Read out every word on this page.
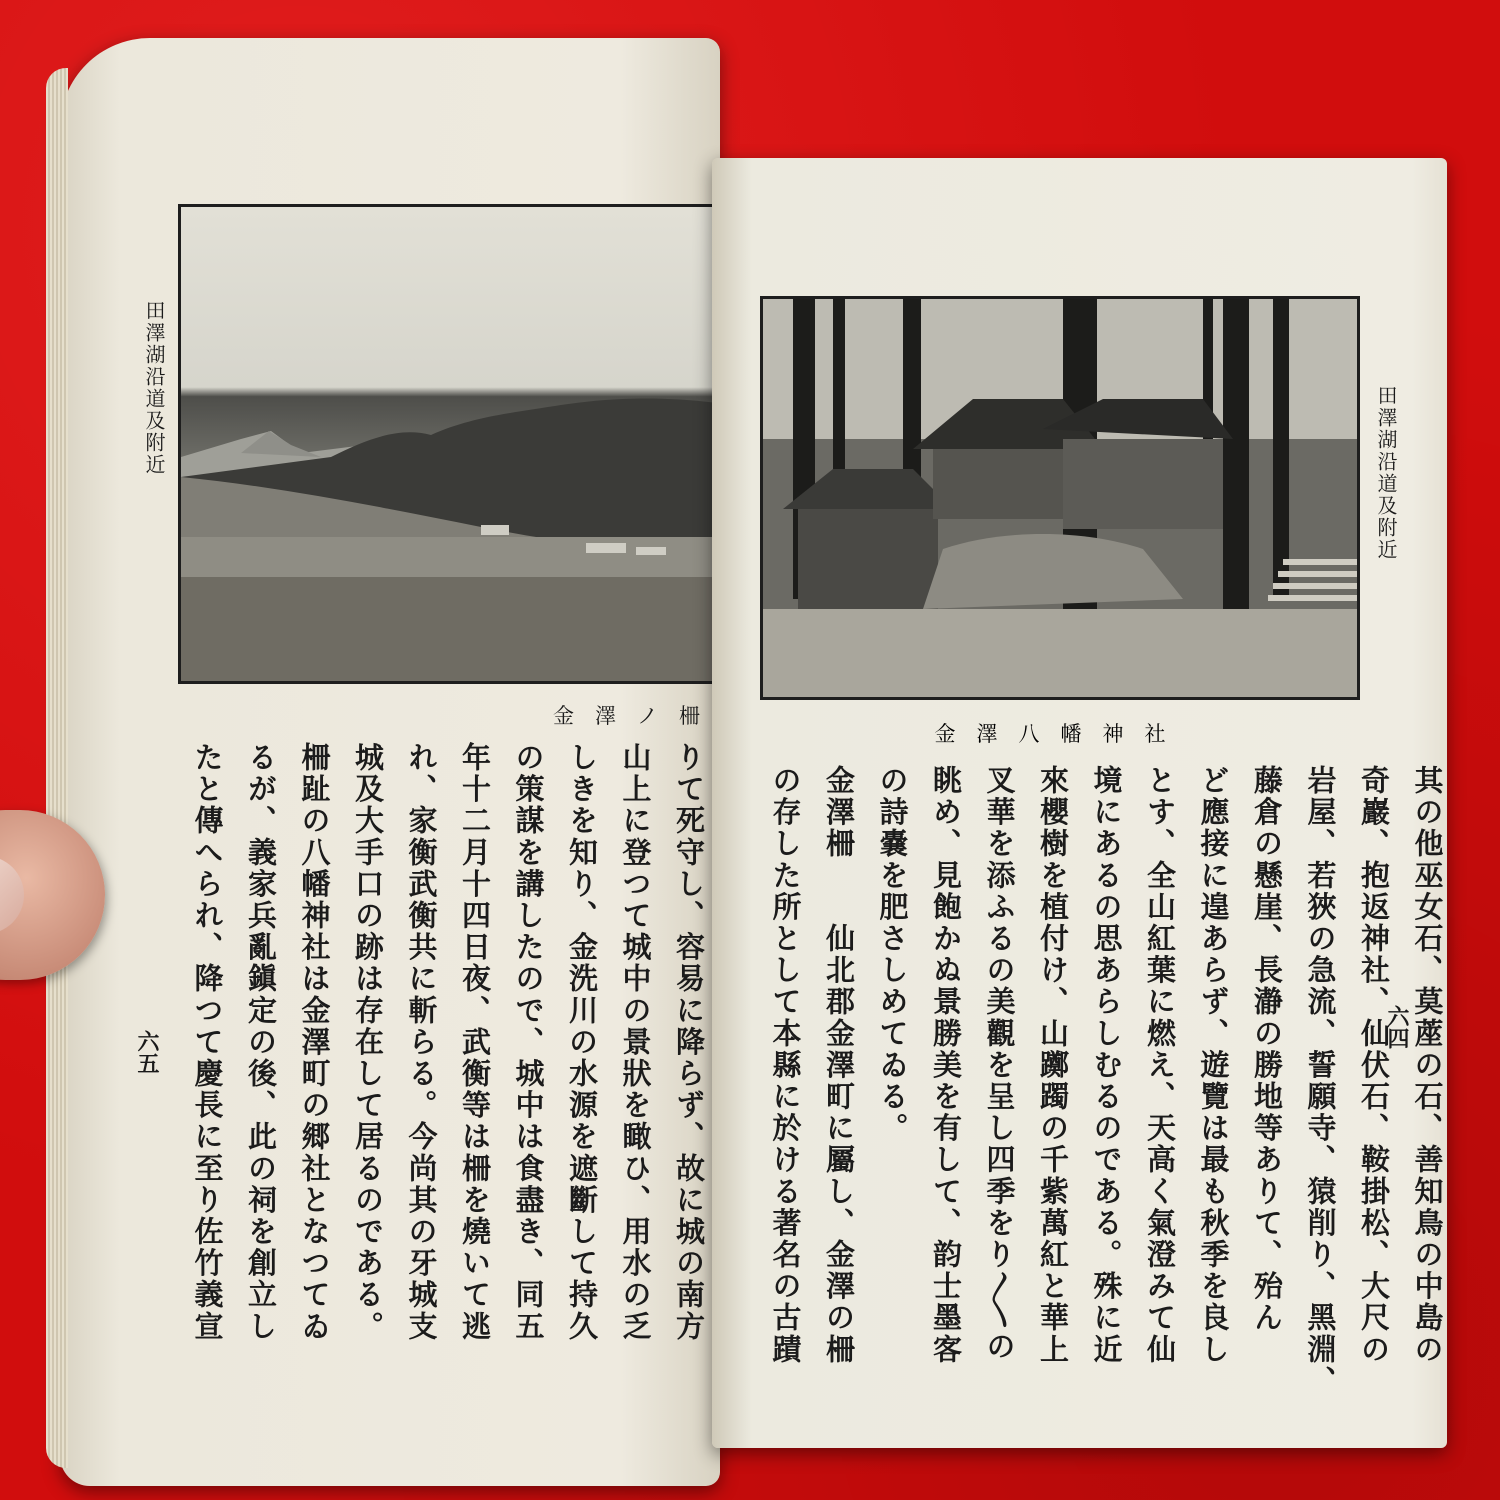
田澤湖沿道及附近
金　澤　ノ　柵

りて死守し、容易に降らず、故に城の南方
山上に登つて城中の景狀を瞰ひ、用水の乏
しきを知り、金洗川の水源を遮斷して持久
の策謀を講したので、城中は食盡き、同五
年十二月十四日夜、武衡等は柵を燒いて逃
れ、家衡武衡共に斬らる。今尚其の牙城支
城及大手口の跡は存在して居るのである。
柵趾の八幡神社は金澤町の郷社となつてゐ
るが、義家兵亂鎭定の後、此の祠を創立し
たと傳へられ、降つて慶長に至り佐竹義宣
六五
田澤湖沿道及附近
金　澤　八　幡　神　社
其の他巫女石、莫蓙の石、善知鳥の中島の
奇巖、抱返神社、仙伏石、鞍掛松、大尺の
岩屋、若狹の急流、誓願寺、猿削り、黑淵、
藤倉の懸崖、長瀞の勝地等ありて、殆ん
ど應接に遑あらず、遊覽は最も秋季を良し
とす、全山紅葉に燃え、天高く氣澄みて仙
境にあるの思あらしむるのである。殊に近
來櫻樹を植付け、山躑躅の千紫萬紅と華上
叉華を添ふるの美觀を呈し四季をり〳〵の
眺め、見飽かぬ景勝美を有して、韵士墨客
の詩嚢を肥さしめてゐる。
金澤柵　　仙北郡金澤町に屬し、金澤の柵
の存した所として本縣に於ける著名の古蹟	六四
